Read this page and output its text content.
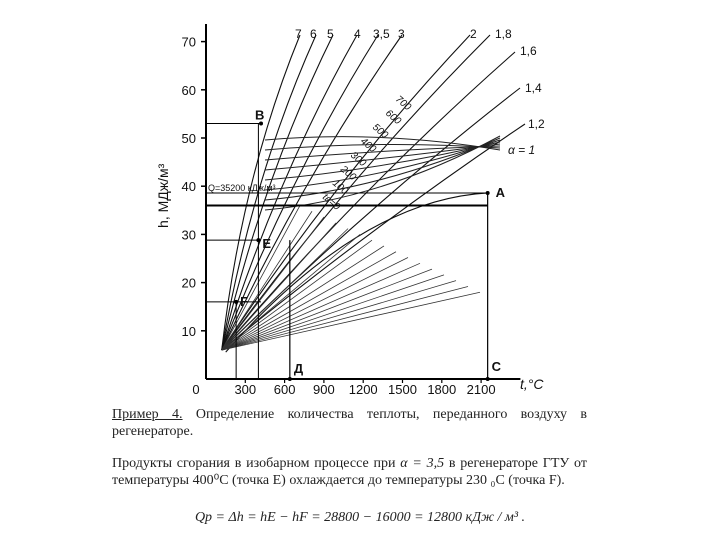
10
20
30
40
50
60
70
0	300 600 900 1200 1500 1800 2100 t,°C
h, МДж/м³	A
B
E
F
Д	C
7 6 5 4 3,5 3	2 1,8
1,6
1,4
1,2
α = 1
700
600
500
400
300
200
100
tв=0
Q=35200 кДж/м³
Пример 4. Определение количества теплоты, переданного воздуху в регенераторе.
Продукты сгорания в изобарном процессе при α = 3,5 в регенераторе ГТУ от температуры 400⁰С (точка Е) охлаждается до температуры 230 ₀С (точка F).
Qр = Δh = hE − hF = 28800 − 16000 = 12800 кДж / м³ .
